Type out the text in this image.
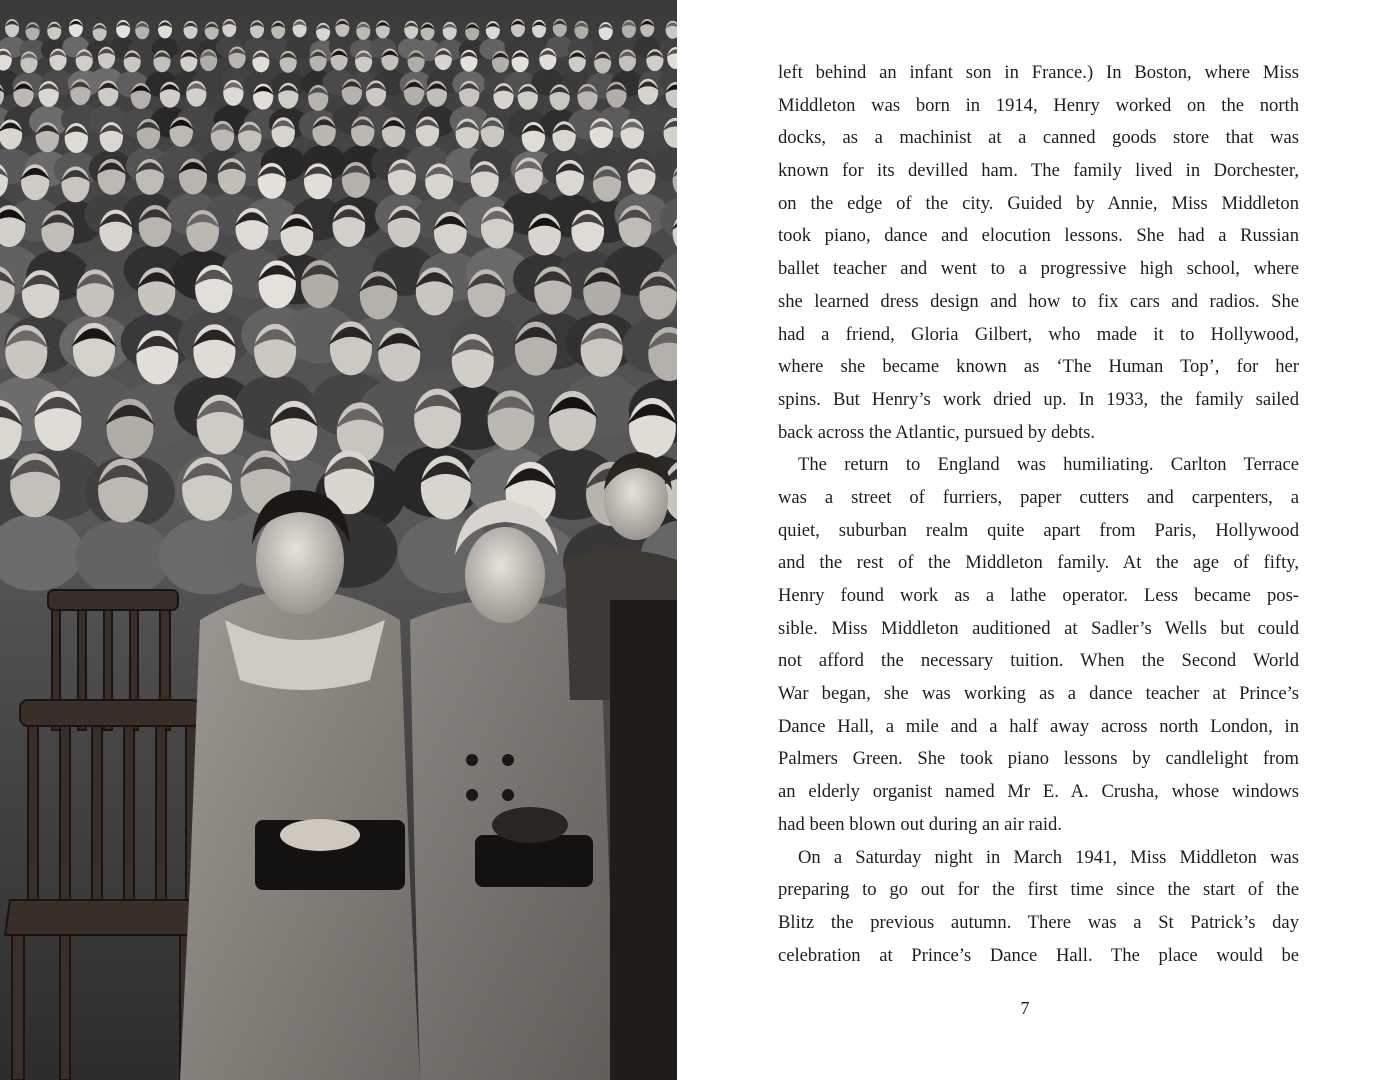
left behind an infant son in France.) In Boston, where Miss
Middleton was born in 1914, Henry worked on the north
docks, as a machinist at a canned goods store that was
known for its devilled ham. The family lived in Dorchester,
on the edge of the city. Guided by Annie, Miss Middleton
took piano, dance and elocution lessons. She had a Russian
ballet teacher and went to a progressive high school, where
she learned dress design and how to fix cars and radios. She
had a friend, Gloria Gilbert, who made it to Hollywood,
where she became known as ‘The Human Top’, for her
spins. But Henry’s work dried up. In 1933, the family sailed
back across the Atlantic, pursued by debts.

The return to England was humiliating. Carlton Terrace
was a street of furriers, paper cutters and carpenters, a
quiet, suburban realm quite apart from Paris, Hollywood
and the rest of the Middleton family. At the age of fifty,
Henry found work as a lathe operator. Less became pos-
sible. Miss Middleton auditioned at Sadler’s Wells but could
not afford the necessary tuition. When the Second World
War began, she was working as a dance teacher at Prince’s
Dance Hall, a mile and a half away across north London, in
Palmers Green. She took piano lessons by candlelight from
an elderly organist named Mr E. A. Crusha, whose windows
had been blown out during an air raid.

On a Saturday night in March 1941, Miss Middleton was
preparing to go out for the first time since the start of the
Blitz the previous autumn. There was a St Patrick’s day
celebration at Prince’s Dance Hall. The place would be

7
